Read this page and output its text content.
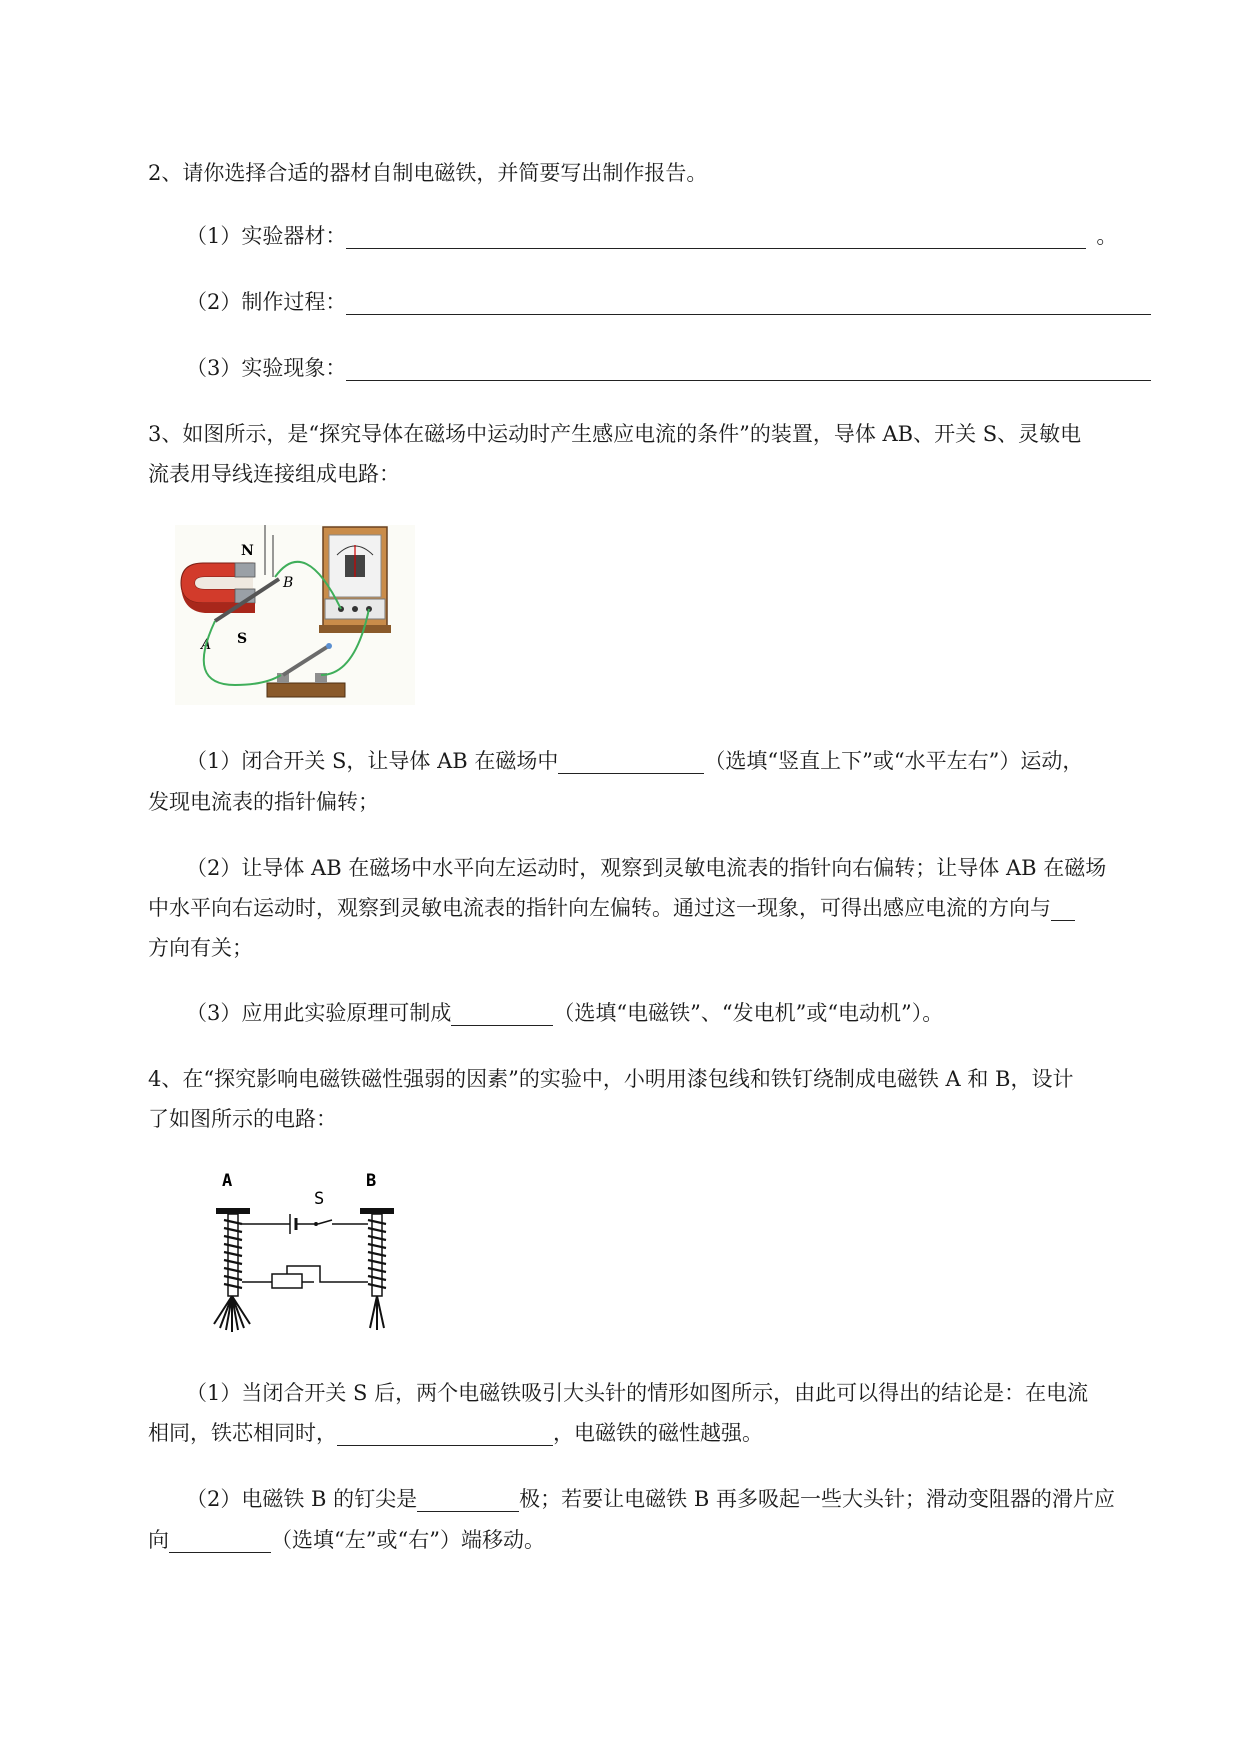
2、请你选择合适的器材自制电磁铁，并简要写出制作报告。
（1）实验器材：	。
（2）制作过程：
（3）实验现象：
3、如图所示，是“探究导体在磁场中运动时产生感应电流的条件”的装置，导体 AB、开关 S、灵敏电
流表用导线连接组成电路：
N
S
A
B
（1）闭合开关 S，让导体 AB 在磁场中	（选填“竖直上下”或“水平左右”）运动，
发现电流表的指针偏转；
（2）让导体 AB 在磁场中水平向左运动时，观察到灵敏电流表的指针向右偏转；让导体 AB 在磁场
中水平向右运动时，观察到灵敏电流表的指针向左偏转。通过这一现象，可得出感应电流的方向与
方向有关；
（3）应用此实验原理可制成	（选填“电磁铁”、“发电机”或“电动机”）。
4、在“探究影响电磁铁磁性强弱的因素”的实验中，小明用漆包线和铁钉绕制成电磁铁 A 和 B，设计
了如图所示的电路：
A
S
B
（1）当闭合开关 S 后，两个电磁铁吸引大头针的情形如图所示，由此可以得出的结论是：在电流
相同，铁芯相同时，	，电磁铁的磁性越强。
（2）电磁铁 B 的钉尖是	极；若要让电磁铁 B 再多吸起一些大头针；滑动变阻器的滑片应
向	（选填“左”或“右”）端移动。
